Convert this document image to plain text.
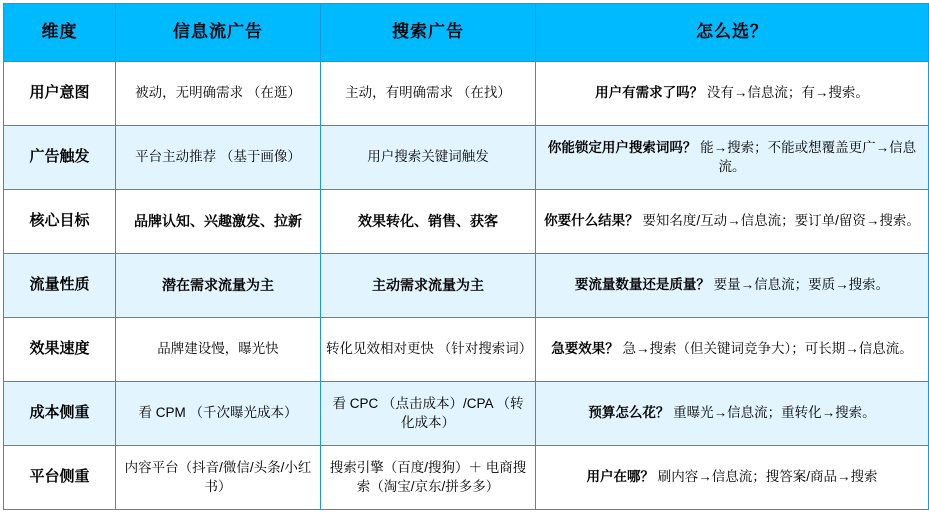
维度	信息流广告	搜索广告	怎么选？
用户意图	被动，无明确需求 （在逛）	主动，有明确需求 （在找）	用户有需求了吗？ 没有→信息流；有→搜索。
广告触发	平台主动推荐 （基于画像）	用户搜索关键词触发	你能锁定用户搜索词吗？ 能→搜索；不能或想覆盖更广→信息流。
核心目标	品牌认知、兴趣激发、拉新	效果转化、销售、获客	你要什么结果？ 要知名度/互动→信息流；要订单/留资→搜索。
流量性质	潜在需求流量为主	主动需求流量为主	要流量数量还是质量？ 要量→信息流；要质→搜索。
效果速度	品牌建设慢，曝光快	转化见效相对更快 （针对搜索词）	急要效果？ 急→搜索（但关键词竞争大）；可长期→信息流。
成本侧重	看 CPM （千次曝光成本）	看 CPC （点击成本）/CPA （转化成本）	预算怎么花？ 重曝光→信息流；重转化→搜索。
平台侧重	内容平台（抖音/微信/头条/小红书）	搜索引擎（百度/搜狗）＋ 电商搜索（淘宝/京东/拼多多）	用户在哪？ 刷内容→信息流；搜答案/商品→搜索
